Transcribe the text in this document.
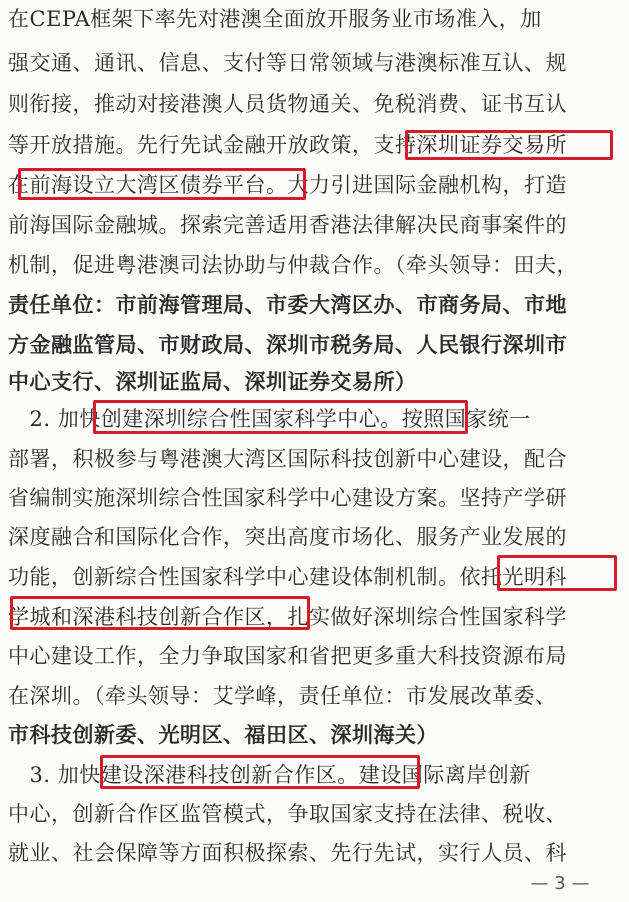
在CEPA框架下率先对港澳全面放开服务业市场准入，加
强交通、通讯、信息、支付等日常领域与港澳标准互认、规
则衔接，推动对接港澳人员货物通关、免税消费、证书互认
等开放措施。先行先试金融开放政策，支持深圳证券交易所
在前海设立大湾区债券平台。大力引进国际金融机构，打造
前海国际金融城。探索完善适用香港法律解决民商事案件的
机制，促进粤港澳司法协助与仲裁合作。（牵头领导：田夫，
责任单位：市前海管理局、市委大湾区办、市商务局、市地
方金融监管局、市财政局、深圳市税务局、人民银行深圳市
中心支行、深圳证监局、深圳证券交易所）
　2. 加快创建深圳综合性国家科学中心。按照国家统一
部署，积极参与粤港澳大湾区国际科技创新中心建设，配合
省编制实施深圳综合性国家科学中心建设方案。坚持产学研
深度融合和国际化合作，突出高度市场化、服务产业发展的
功能，创新综合性国家科学中心建设体制机制。依托光明科
学城和深港科技创新合作区，扎实做好深圳综合性国家科学
中心建设工作，全力争取国家和省把更多重大科技资源布局
在深圳。（牵头领导：艾学峰，责任单位：市发展改革委、
市科技创新委、光明区、福田区、深圳海关）
　3. 加快建设深港科技创新合作区。建设国际离岸创新
中心，创新合作区监管模式，争取国家支持在法律、税收、
就业、社会保障等方面积极探索、先行先试，实行人员、科
— 3 —
